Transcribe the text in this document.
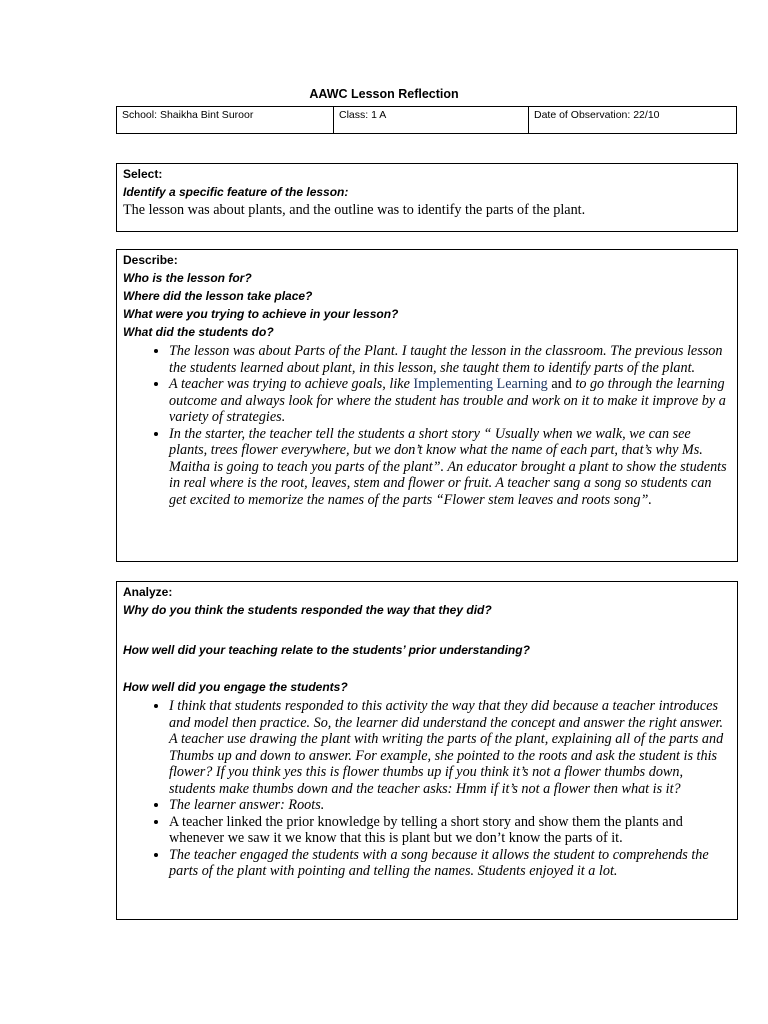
AAWC Lesson Reflection
School: Shaikha Bint Suroor	Class: 1 A	Date of Observation: 22/10

Select:

Identify a specific feature of the lesson:

The lesson was about plants, and the outline was to identify the parts of the plant.

Describe:

Who is the lesson for?

Where did the lesson take place?

What were you trying to achieve in your lesson?

What did the students do?

• The lesson was about Parts of the Plant. I taught the lesson in the classroom. The previous lesson the students learned about plant, in this lesson, she taught them to identify parts of the plant.
• A teacher was trying to achieve goals, like Implementing Learning and to go through the learning outcome and always look for where the student has trouble and work on it to make it improve by a variety of strategies.
• In the starter, the teacher tell the students a short story “ Usually when we walk, we can see plants, trees flower everywhere, but we don’t know what the name of each part, that’s why Ms. Maitha is going to teach you parts of the plant”. An educator brought a plant to show the students in real where is the root, leaves, stem and flower or fruit. A teacher sang a song so students can get excited to memorize the names of the parts “Flower stem leaves and roots song”.

Analyze:

Why do you think the students responded the way that they did?

How well did your teaching relate to the students’ prior understanding?

How well did you engage the students?

• I think that students responded to this activity the way that they did because a teacher introduces and model then practice. So, the learner did understand the concept and answer the right answer. A teacher use drawing the plant with writing the parts of the plant, explaining all of the parts and Thumbs up and down to answer. For example, she pointed to the roots and ask the student is this flower? If you think yes this is flower thumbs up if you think it’s not a flower thumbs down, students make thumbs down and the teacher asks: Hmm if it’s not a flower then what is it?
• The learner answer: Roots.
• A teacher linked the prior knowledge by telling a short story and show them the plants and whenever we saw it we know that this is plant but we don’t know the parts of it.
• The teacher engaged the students with a song because it allows the student to comprehends the parts of the plant with pointing and telling the names. Students enjoyed it a lot.
